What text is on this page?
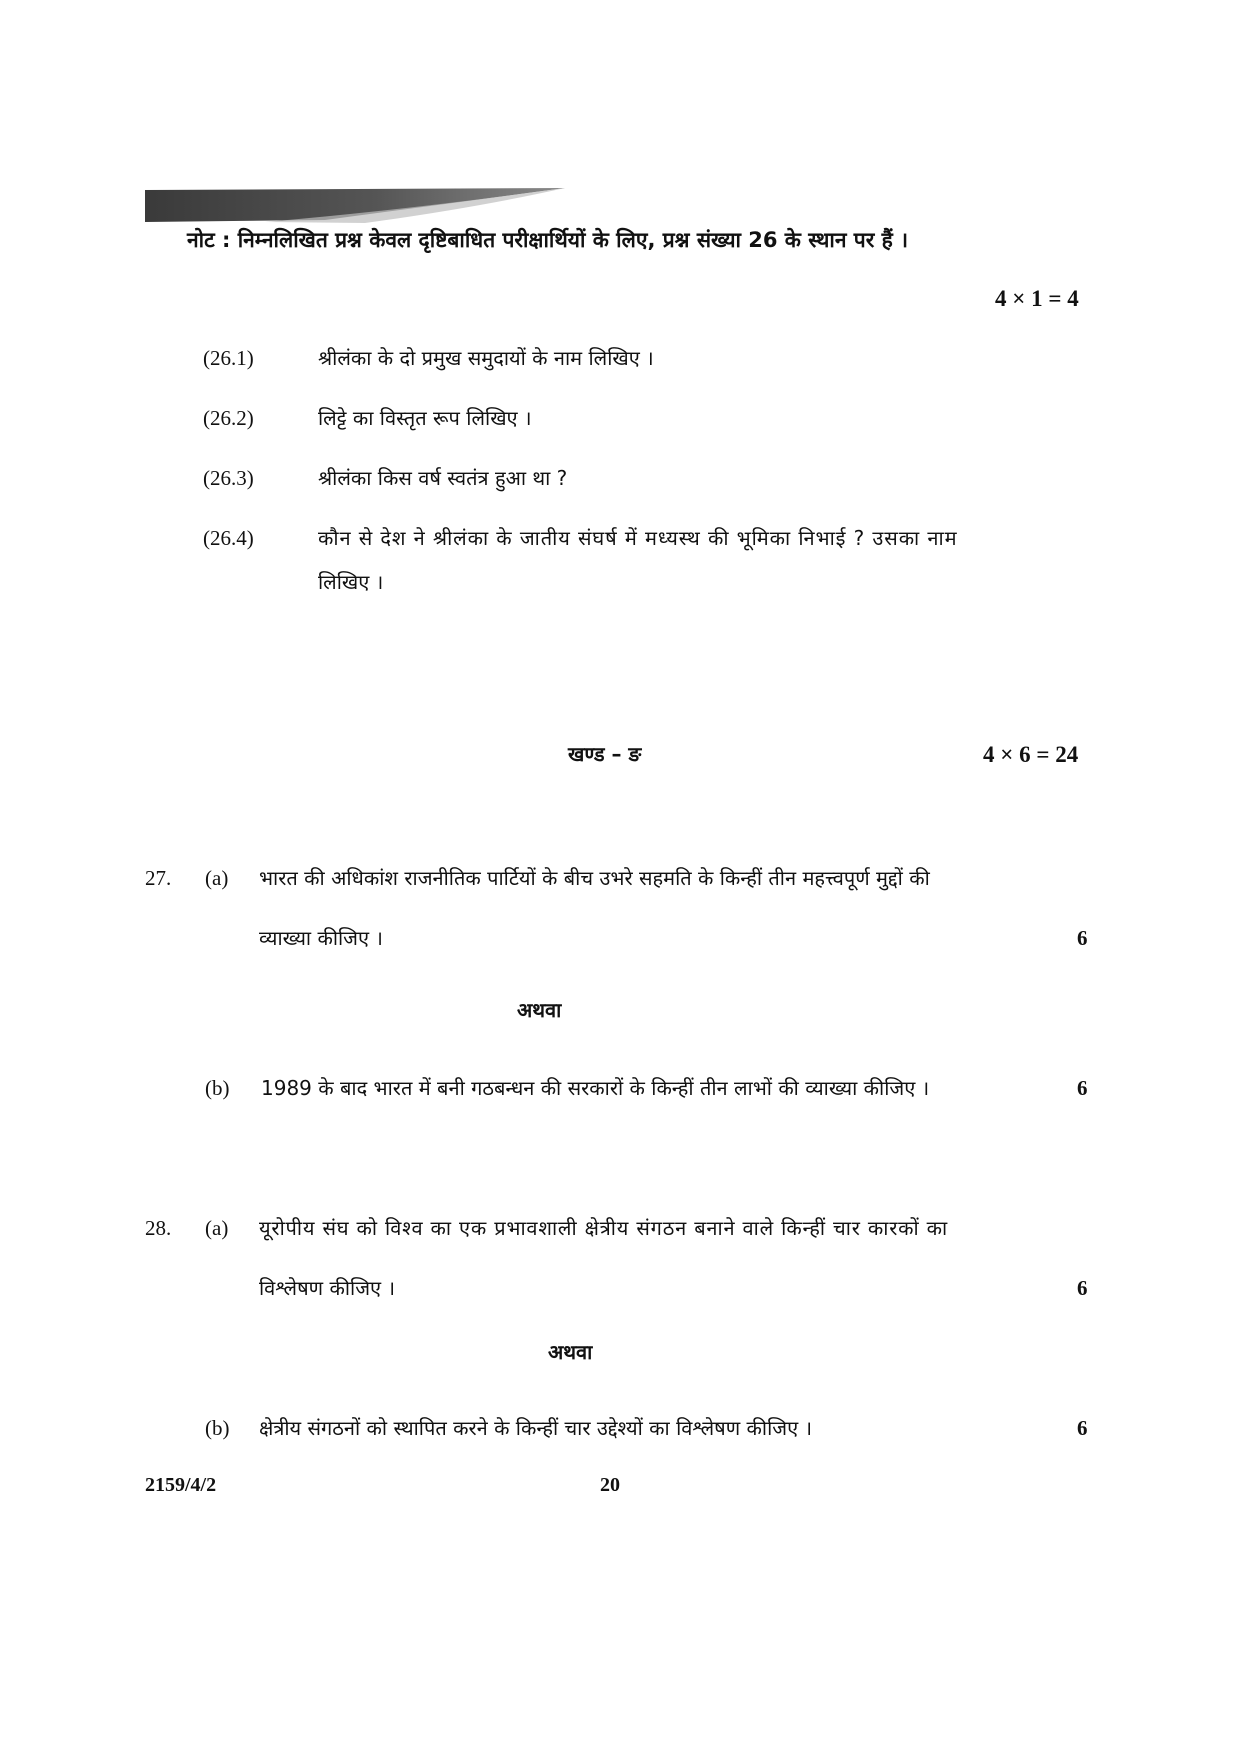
नोट : निम्नलिखित प्रश्न केवल दृष्टिबाधित परीक्षार्थियों के लिए, प्रश्न संख्या 26 के स्थान पर हैं ।
4 × 1 = 4
(26.1)	श्रीलंका के दो प्रमुख समुदायों के नाम लिखिए ।
(26.2)	लिट्टे का विस्तृत रूप लिखिए ।
(26.3)	श्रीलंका किस वर्ष स्वतंत्र हुआ था ?
(26.4)	कौन से देश ने श्रीलंका के जातीय संघर्ष में मध्यस्थ की भूमिका निभाई ? उसका नाम
लिखिए ।
खण्ड – ङ	4 × 6 = 24
27. (a) भारत की अधिकांश राजनीतिक पार्टियों के बीच उभरे सहमति के किन्हीं तीन महत्त्वपूर्ण मुद्दों की
व्याख्या कीजिए ।	6
अथवा
(b) 1989 के बाद भारत में बनी गठबन्धन की सरकारों के किन्हीं तीन लाभों की व्याख्या कीजिए ।	6
28. (a) यूरोपीय संघ को विश्व का एक प्रभावशाली क्षेत्रीय संगठन बनाने वाले किन्हीं चार कारकों का
विश्लेषण कीजिए ।	6
अथवा
(b) क्षेत्रीय संगठनों को स्थापित करने के किन्हीं चार उद्देश्यों का विश्लेषण कीजिए ।	6
2159/4/2	20
